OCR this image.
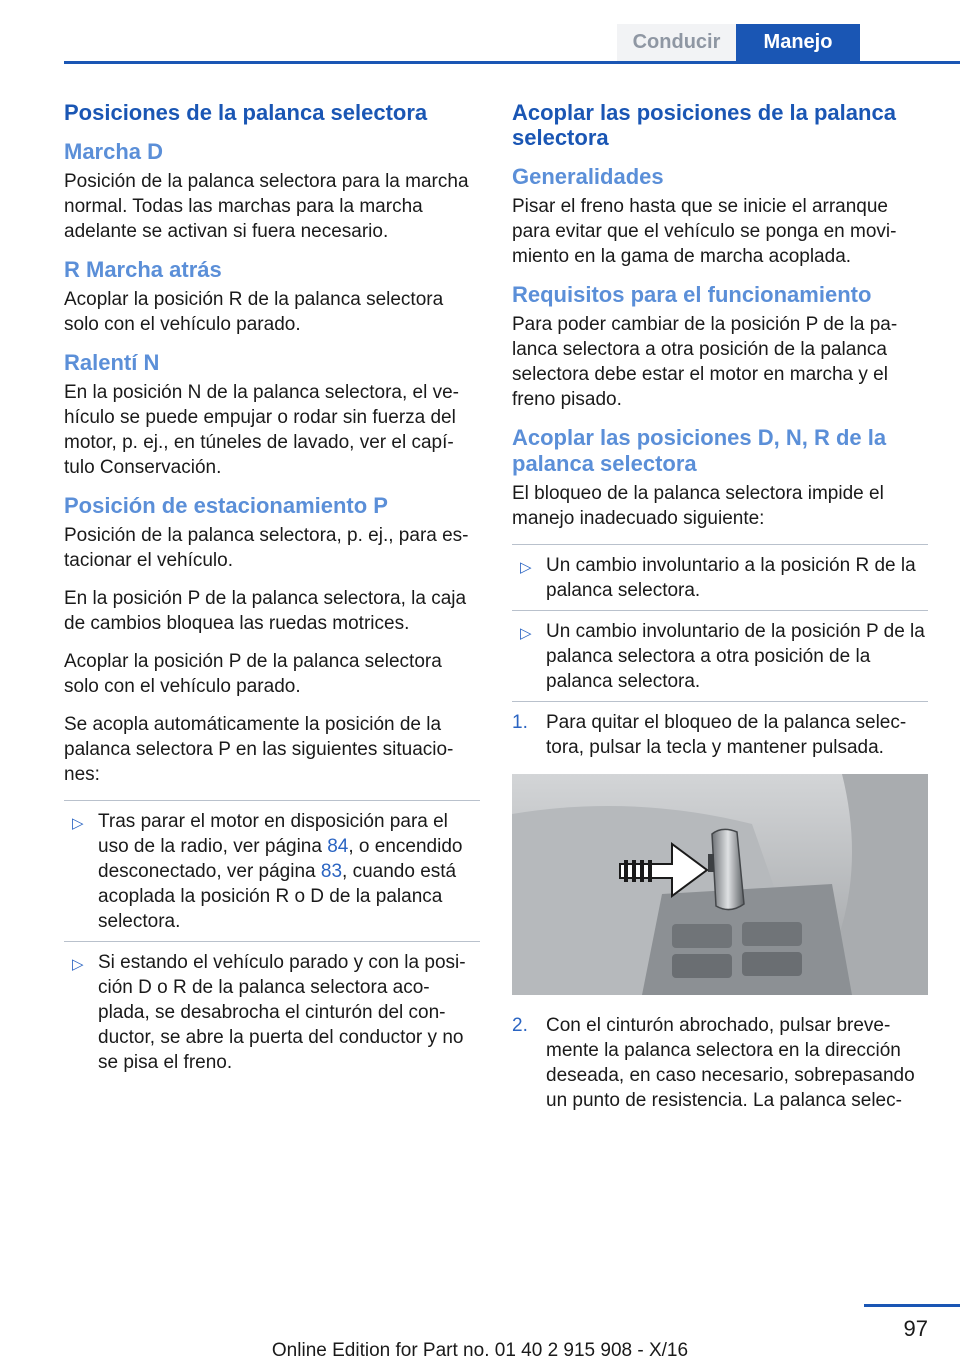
Conducir	Manejo
Posiciones de la palanca selectora
Marcha D

Posición de la palanca selectora para la marcha normal. Todas las marchas para la marcha adelante se activan si fuera necesario.

R Marcha atrás

Acoplar la posición R de la palanca selectora solo con el vehículo parado.

Ralentí N

En la posición N de la palanca selectora, el ve‐hículo se puede empujar o rodar sin fuerza del motor, p. ej., en túneles de lavado, ver el capí‐tulo Conservación.

Posición de estacionamiento P

Posición de la palanca selectora, p. ej., para es‐tacionar el vehículo.

En la posición P de la palanca selectora, la caja de cambios bloquea las ruedas motrices.

Acoplar la posición P de la palanca selectora solo con el vehículo parado.

Se acopla automáticamente la posición de la palanca selectora P en las siguientes situacio‐nes:

▷ Tras parar el motor en disposición para el uso de la radio, ver página 84, o encendido desconectado, ver página 83, cuando está acoplada la posición R o D de la palanca selectora.
▷ Si estando el vehículo parado y con la posi‐ción D o R de la palanca selectora aco‐plada, se desabrocha el cinturón del con‐ductor, se abre la puerta del conductor y no se pisa el freno.
Acoplar las posiciones de la palanca selectora
Generalidades

Pisar el freno hasta que se inicie el arranque para evitar que el vehículo se ponga en movi‐miento en la gama de marcha acoplada.

Requisitos para el funcionamiento

Para poder cambiar de la posición P de la pa‐lanca selectora a otra posición de la palanca selectora debe estar el motor en marcha y el freno pisado.

Acoplar las posiciones D, N, R de la palanca selectora

El bloqueo de la palanca selectora impide el manejo inadecuado siguiente:

▷ Un cambio involuntario a la posición R de la palanca selectora.
▷ Un cambio involuntario de la posición P de la palanca selectora a otra posición de la palanca selectora.
1. Para quitar el bloqueo de la palanca selec‐tora, pulsar la tecla y mantener pulsada.
2. Con el cinturón abrochado, pulsar breve‐mente la palanca selectora en la dirección deseada, en caso necesario, sobrepasando un punto de resistencia. La palanca selec‐
97
Online Edition for Part no. 01 40 2 915 908 - X/16
